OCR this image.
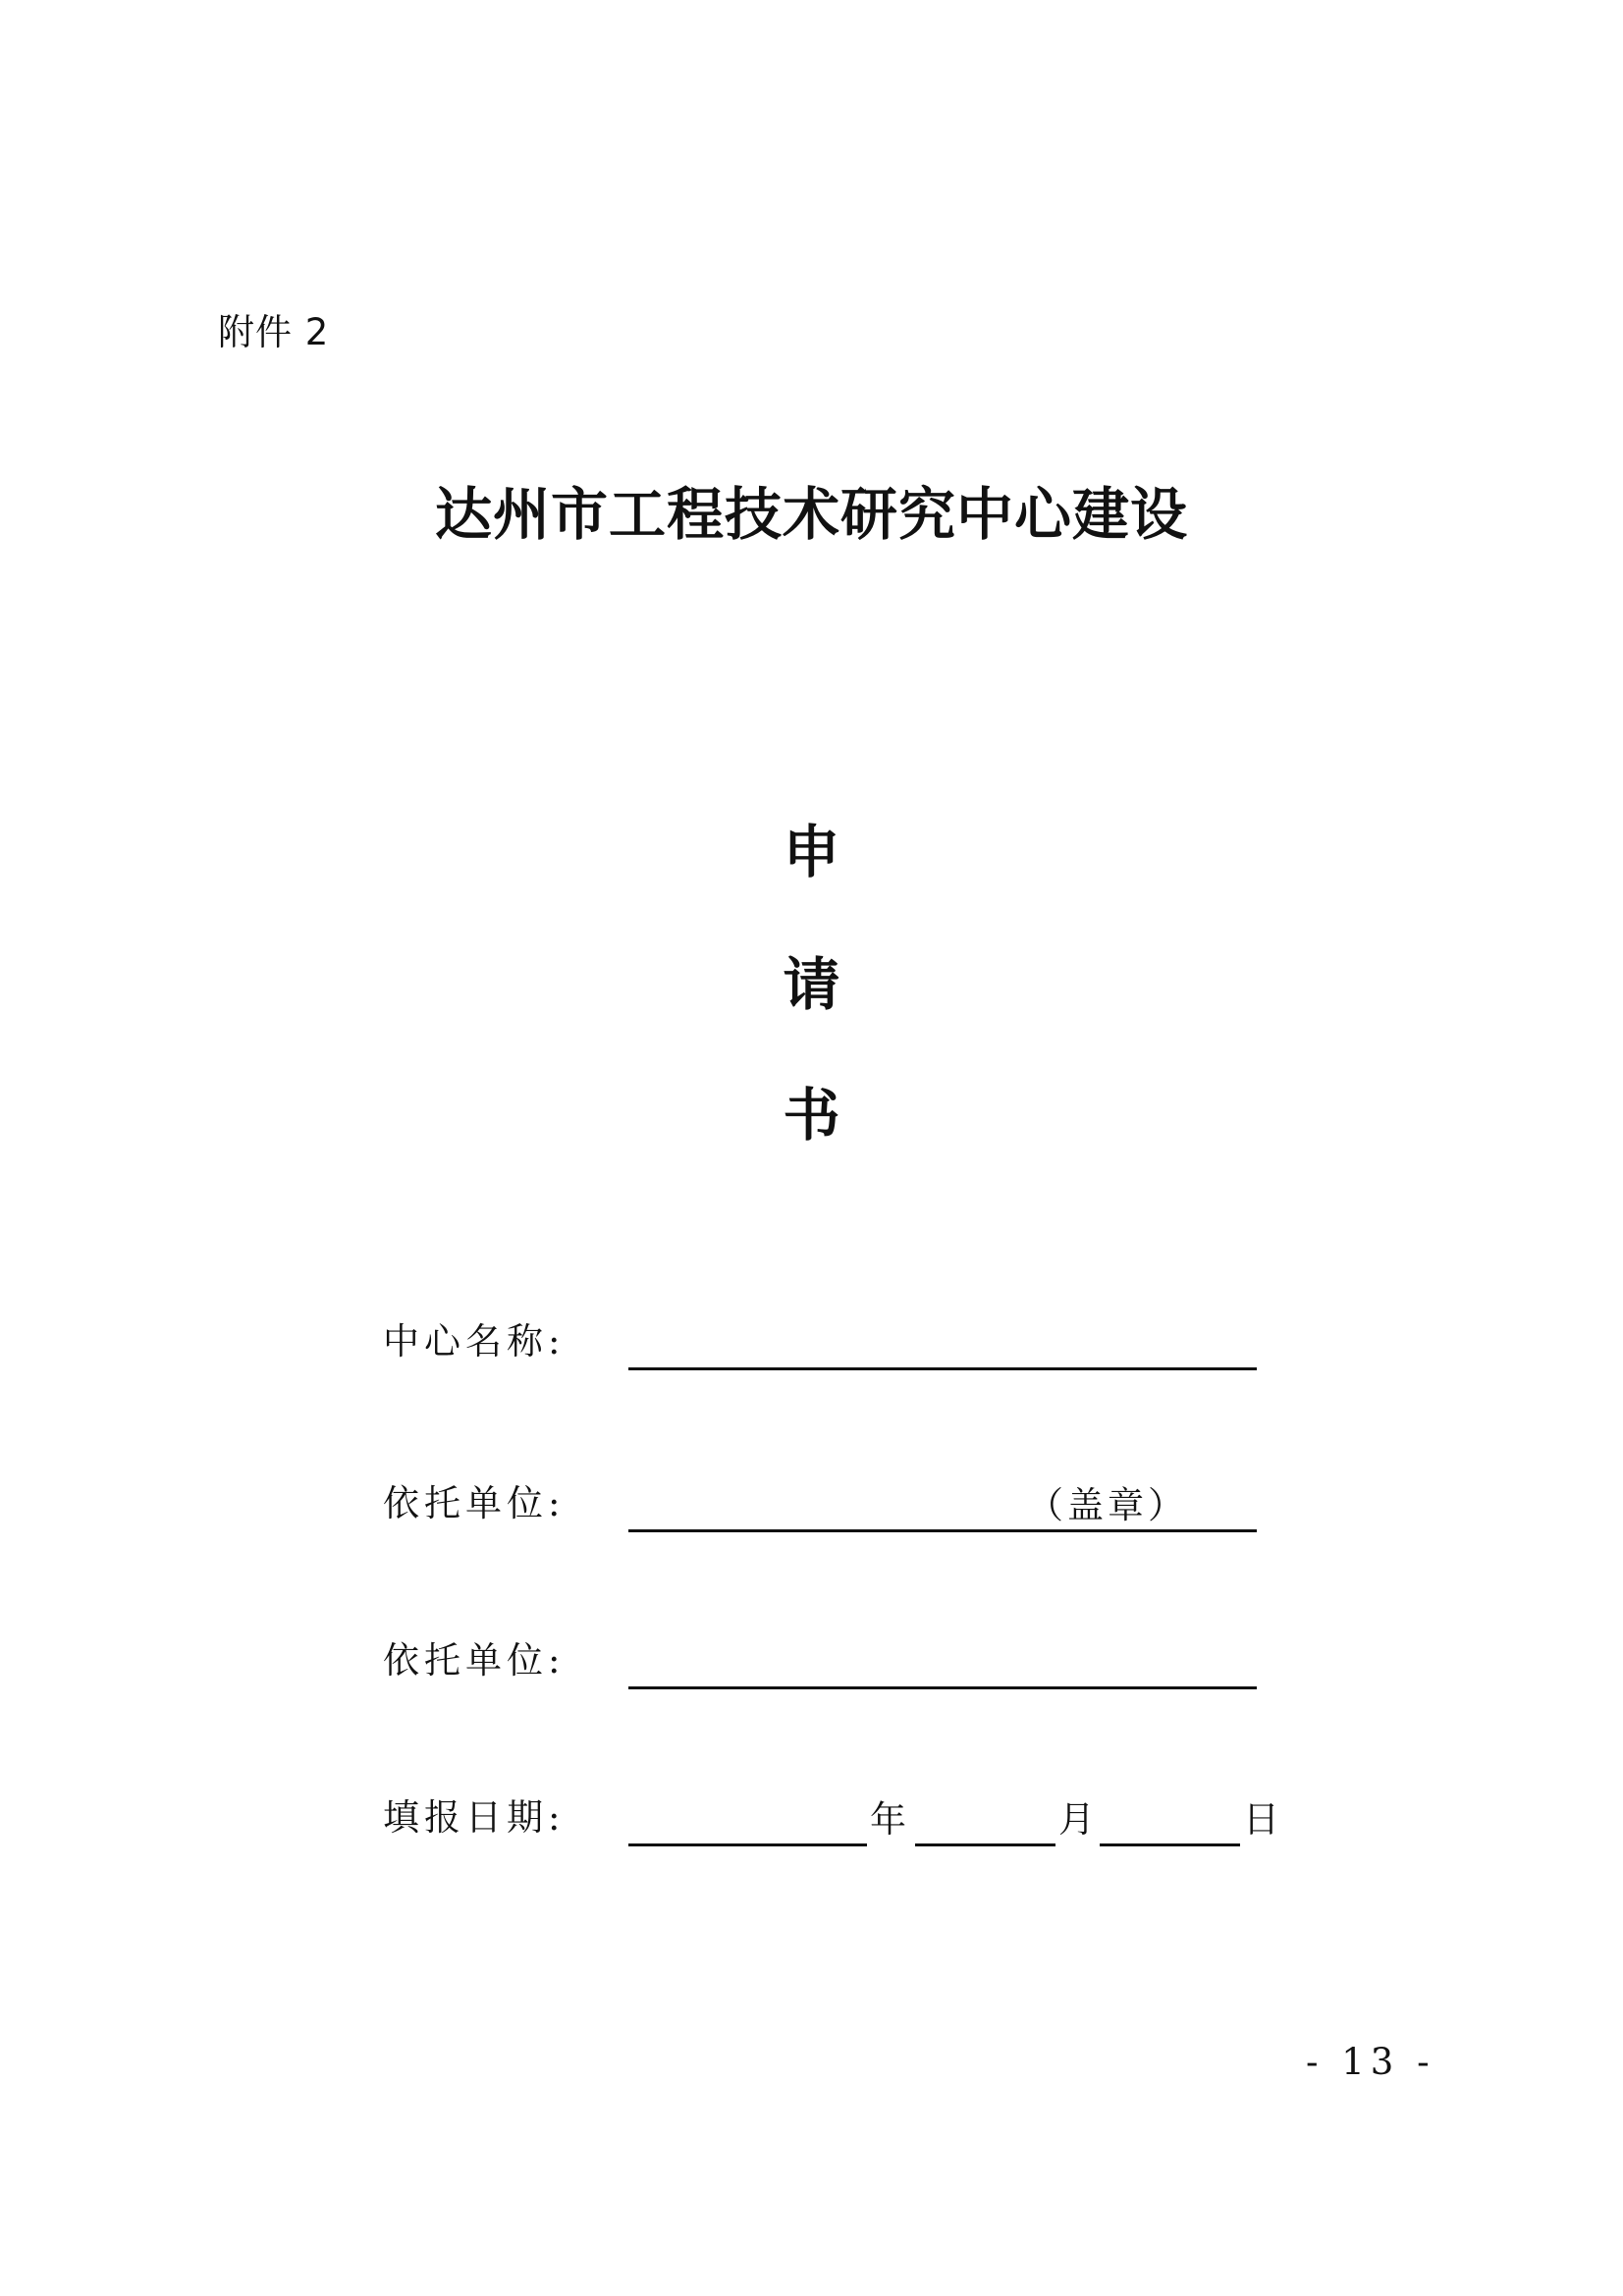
附件 2
达州市工程技术研究中心建设
申
请
书
中心名称:
依托单位:	（盖章）
依托单位:
填报日期:	年	月	日
- 13 -
